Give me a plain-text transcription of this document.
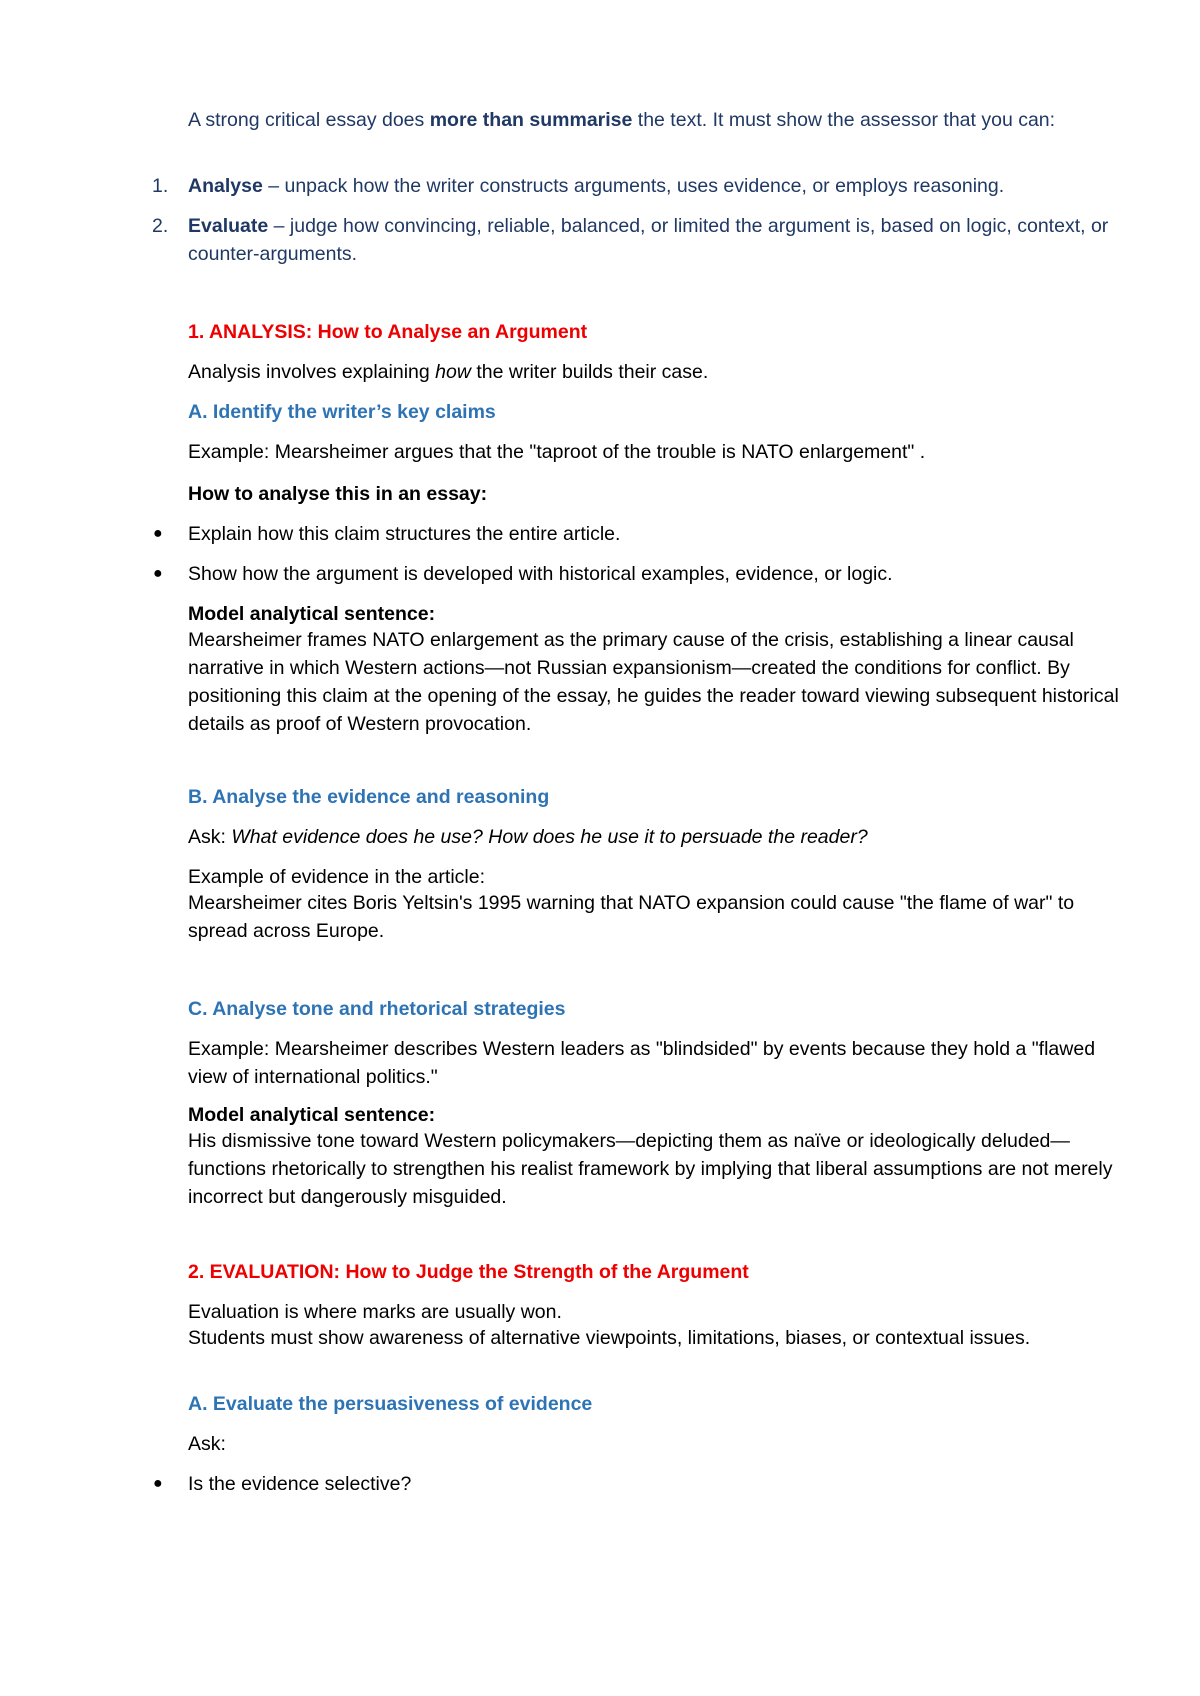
A strong critical essay does more than summarise the text. It must show the assessor that you can:

1. Analyse – unpack how the writer constructs arguments, uses evidence, or employs reasoning.

2. Evaluate – judge how convincing, reliable, balanced, or limited the argument is, based on logic, context, or counter-arguments.

1. ANALYSIS: How to Analyse an Argument

Analysis involves explaining how the writer builds their case.

A. Identify the writer’s key claims

Example: Mearsheimer argues that the "taproot of the trouble is NATO enlargement" .

How to analyse this in an essay:

● Explain how this claim structures the entire article.

● Show how the argument is developed with historical examples, evidence, or logic.

Model analytical sentence:

Mearsheimer frames NATO enlargement as the primary cause of the crisis, establishing a linear causal narrative in which Western actions—not Russian expansionism—created the conditions for conflict. By positioning this claim at the opening of the essay, he guides the reader toward viewing subsequent historical details as proof of Western provocation.

B. Analyse the evidence and reasoning

Ask: What evidence does he use? How does he use it to persuade the reader?

Example of evidence in the article:

Mearsheimer cites Boris Yeltsin's 1995 warning that NATO expansion could cause "the flame of war" to spread across Europe.

C. Analyse tone and rhetorical strategies

Example: Mearsheimer describes Western leaders as "blindsided" by events because they hold a "flawed view of international politics."

Model analytical sentence:

His dismissive tone toward Western policymakers—depicting them as naïve or ideologically deluded—functions rhetorically to strengthen his realist framework by implying that liberal assumptions are not merely incorrect but dangerously misguided.

2. EVALUATION: How to Judge the Strength of the Argument

Evaluation is where marks are usually won.

Students must show awareness of alternative viewpoints, limitations, biases, or contextual issues.

A. Evaluate the persuasiveness of evidence

Ask:

● Is the evidence selective?
